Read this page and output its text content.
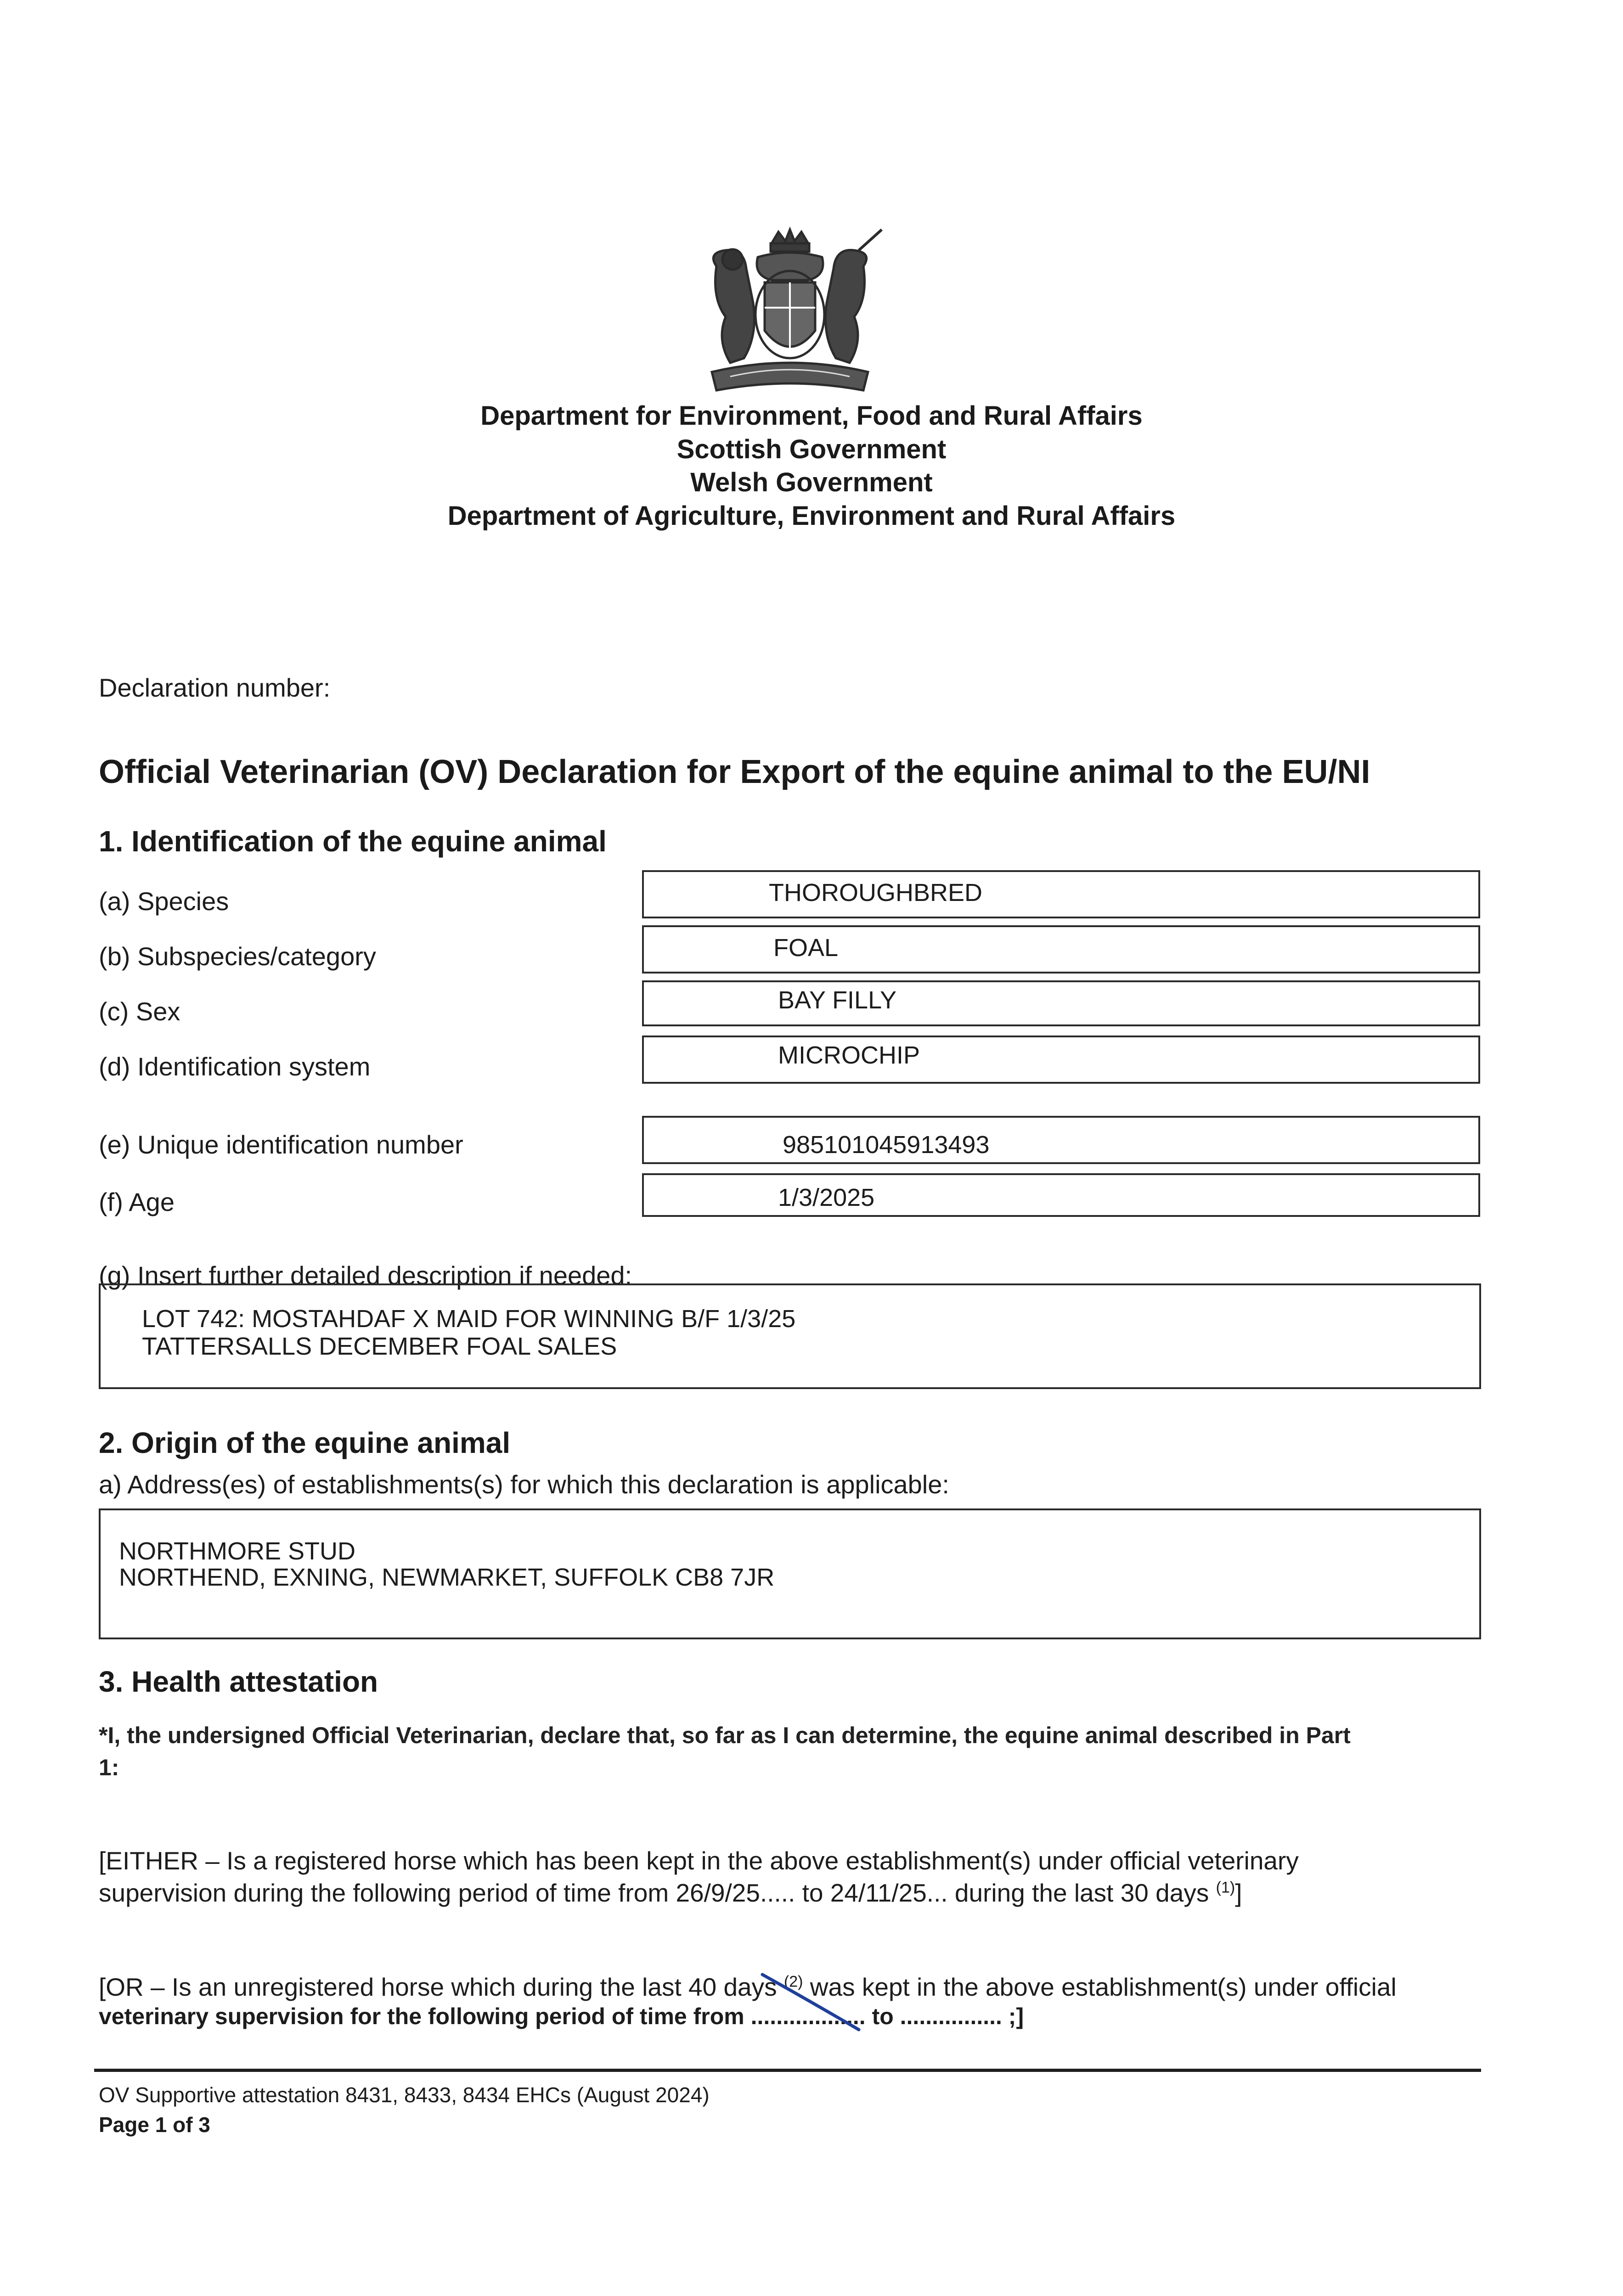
Department for Environment, Food and Rural Affairs
Scottish Government
Welsh Government
Department of Agriculture, Environment and Rural Affairs
Declaration number:
Official Veterinarian (OV) Declaration for Export of the equine animal to the EU/NI
1. Identification of the equine animal
(a) Species	THOROUGHBRED
(b) Subspecies/category	FOAL
(c) Sex	BAY FILLY
(d) Identification system	MICROCHIP
(e) Unique identification number	985101045913493
(f) Age	1/3/2025
(g) Insert further detailed description if needed:
LOT 742: MOSTAHDAF X MAID FOR WINNING B/F 1/3/25
TATTERSALLS DECEMBER FOAL SALES
2. Origin of the equine animal
a) Address(es) of establishments(s) for which this declaration is applicable:
NORTHMORE STUD
NORTHEND, EXNING, NEWMARKET, SUFFOLK CB8 7JR
3. Health attestation
*I, the undersigned Official Veterinarian, declare that, so far as I can determine, the equine animal described in Part
1:
[EITHER – Is a registered horse which has been kept in the above establishment(s) under official veterinary
supervision during the following period of time from 26/9/25..... to 24/11/25... during the last 30 days $^{(1)}$]
[OR – Is an unregistered horse which during the last 40 days $^{(2)}$ was kept in the above establishment(s) under official
veterinary supervision for the following period of time from .................. to ................ ;]
OV Supportive attestation 8431, 8433, 8434 EHCs (August 2024)
Page 1 of 3
